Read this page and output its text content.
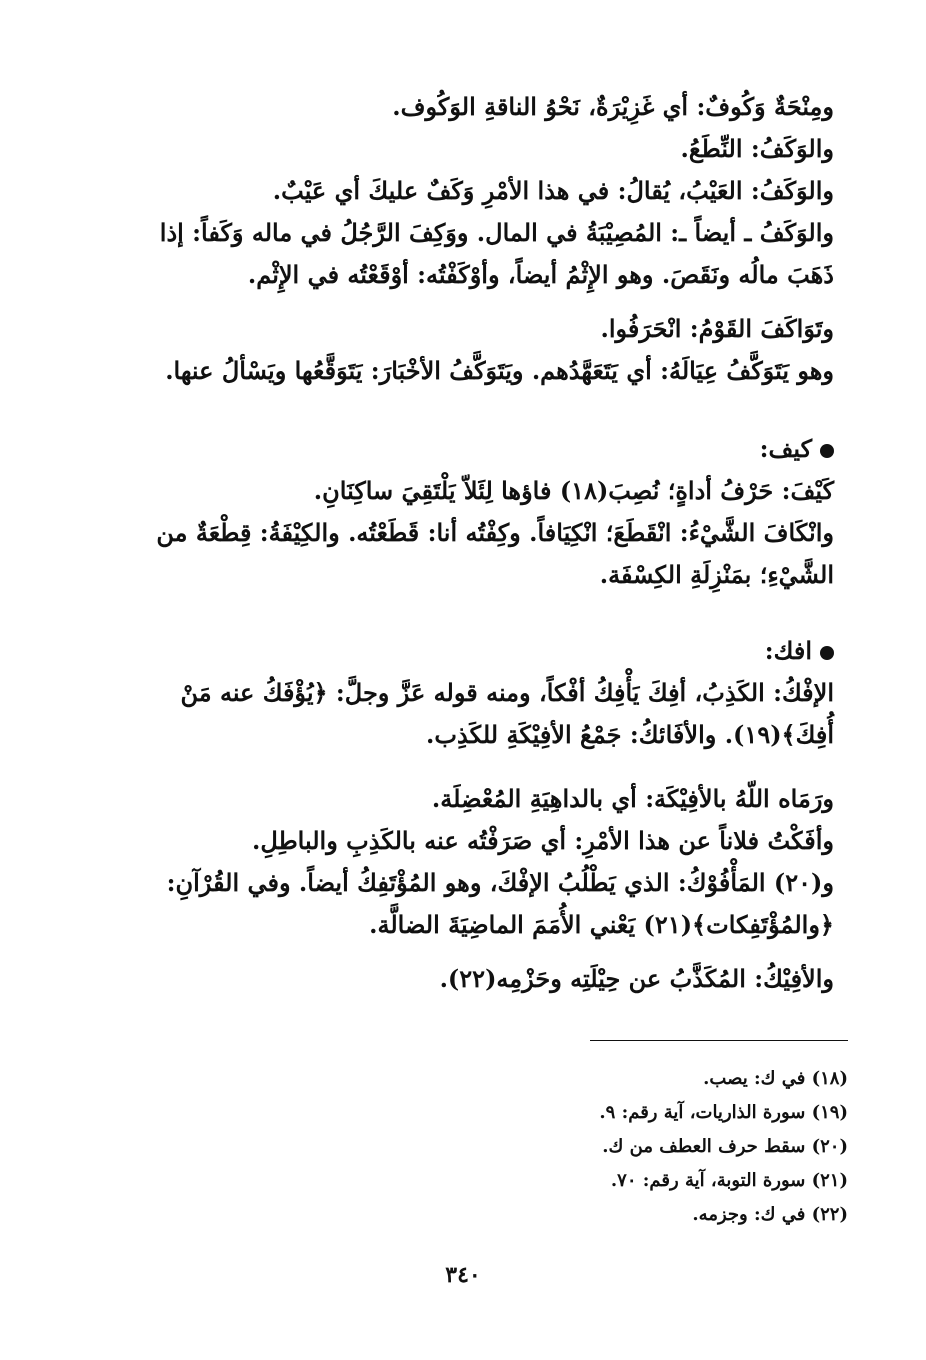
ومِنْحَةٌ وَكُوفٌ: أي غَزِيْرَةٌ، نَحْوُ الناقةِ الوَكُوف.
والوَكَفُ: النِّطَعُ.
والوَكَفُ: العَيْبُ، يُقالُ: في هذا الأمْرِ وَكَفٌ عليكَ أي عَيْبٌ.
والوَكَفُ ـ أيضاً ـ: المُصِيْبَةُ في المال. ووَكِفَ الرَّجُلُ في ماله وَكَفاً: إذا
ذَهَبَ مالُه ونَقَصَ. وهو الإِثْمُ أيضاً، وأوْكَفْتُه: أوْقَعْتُه في الإِثْم.
وتَوَاكَفَ القَوْمُ: انْحَرَفُوا.
وهو يَتَوَكَّفُ عِيَالَهُ: أي يَتَعَهَّدُهم. ويَتَوَكَّفُ الأخْبَارَ: يَتَوَقَّعُها ويَسْألُ عنها.
كيف:
كَيْفَ: حَرْفُ أداةٍ؛ نُصِبَ(١٨) فاؤها لِئَلاّ يَلْتَقِيَ ساكِنَانِ.
وانْكَافَ الشَّيْءُ: انْقَطَعَ؛ انْكِيَافاً. وكِفْتُه أنا: قَطَعْتُه. والكِيْفَةُ: قِطْعَةٌ من
الشَّيْءِ؛ بمَنْزِلَةِ الكِسْفَة.
افك:
الإفْكُ: الكَذِبُ، أفِكَ يَأْفِكُ أفْكاً، ومنه قوله عَزَّ وجلَّ: ﴿يُؤْفَكُ عنه مَنْ
أُفِكَ﴾(١٩). والأفَائكُ: جَمْعُ الأفِيْكَةِ للكَذِب.
ورَمَاه اللّهُ بالأفِيْكَة: أي بالداهِيَةِ المُعْضِلَة.
وأفَكْتُ فلاناً عن هذا الأمْرِ: أي صَرَفْتُه عنه بالكَذِبِ والباطِلِ.
و(٢٠) المَأْفُوْكُ: الذي يَطْلُبُ الإفْكَ، وهو المُؤْتَفِكُ أيضاً. وفي القُرْآنِ:
﴿والمُؤْتَفِكات﴾(٢١) يَعْني الأُمَمَ الماضِيَةَ الضالَّة.
والأفِيْكُ: المُكَذَّبُ عن حِيْلَتِه وحَزْمِه(٢٢).
(١٨) في ك: يصب.
(١٩) سورة الذاريات، آية رقم: ٩.
(٢٠) سقط حرف العطف من ك.
(٢١) سورة التوبة، آية رقم: ٧٠.
(٢٢) في ك: وجزمه.
٣٤٠
